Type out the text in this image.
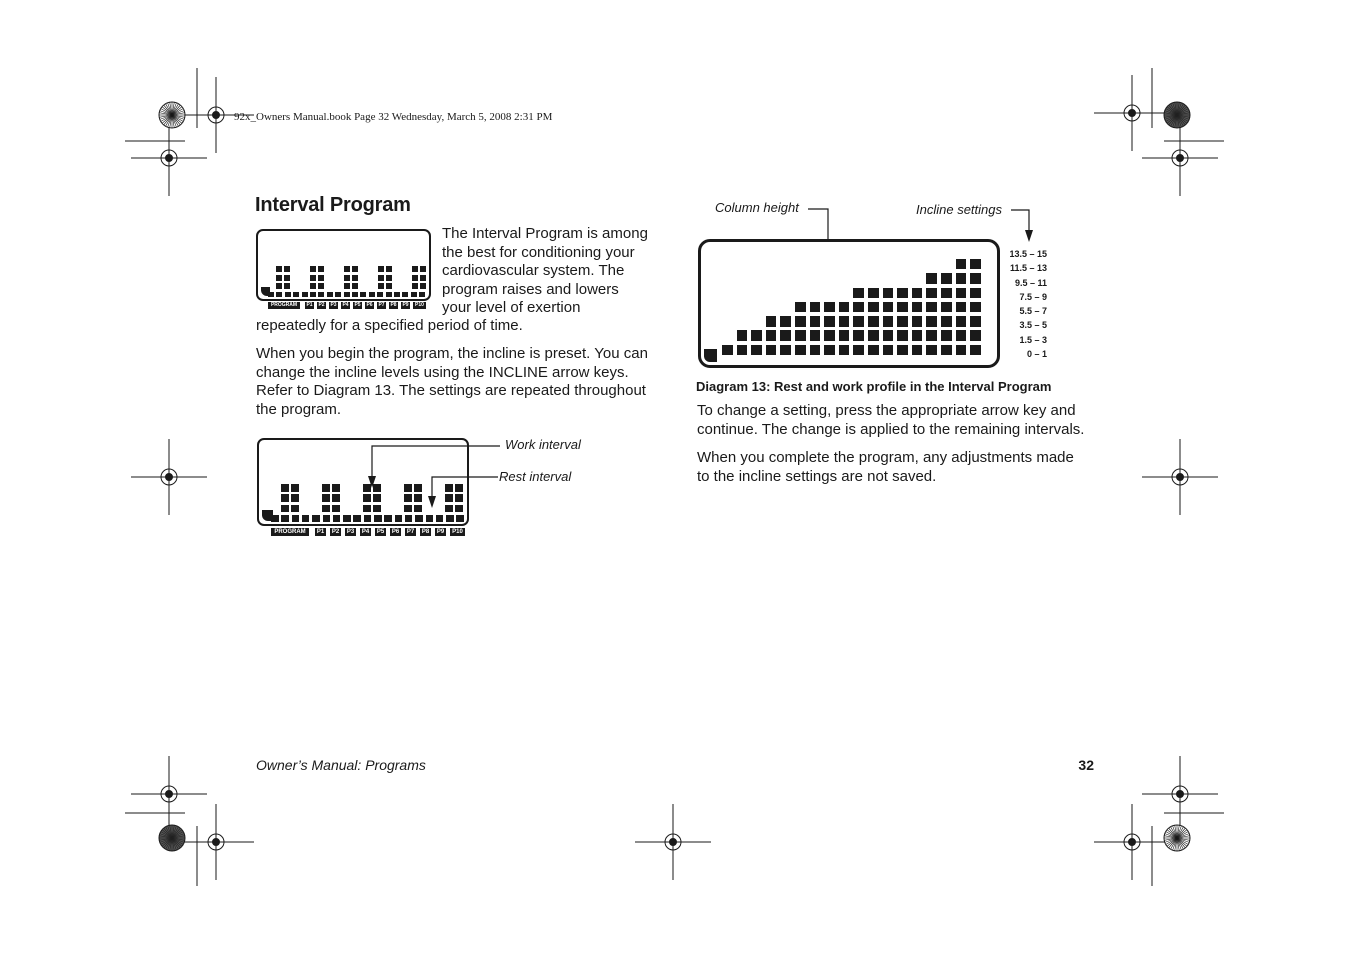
92x_Owners Manual.book Page 32 Wednesday, March 5, 2008 2:31 PM
Interval Program
PROGRAM	P1 P2 P3 P4 P5 P6 P7 P8 P9	P10
The Interval Program is among
the best for conditioning your
cardiovascular system. The
program raises and lowers
your level of exertion
repeatedly for a specified period of time.
When you begin the program, the incline is preset. You can
change the incline levels using the INCLINE arrow keys.
Refer to Diagram 13. The settings are repeated throughout
the program.
PROGRAM	P1	P2	P3	P4	P5	P6	P7	P8	P9	P10
Work interval
Rest interval
Column height	Incline settings
13.5 – 15
11.5 – 13
9.5 – 11
7.5 – 9
5.5 – 7
3.5 – 5
1.5 – 3
0 – 1
Diagram 13: Rest and work profile in the Interval Program
To change a setting, press the appropriate arrow key and
continue. The change is applied to the remaining intervals.
When you complete the program, any adjustments made
to the incline settings are not saved.
Owner’s Manual: Programs	32
